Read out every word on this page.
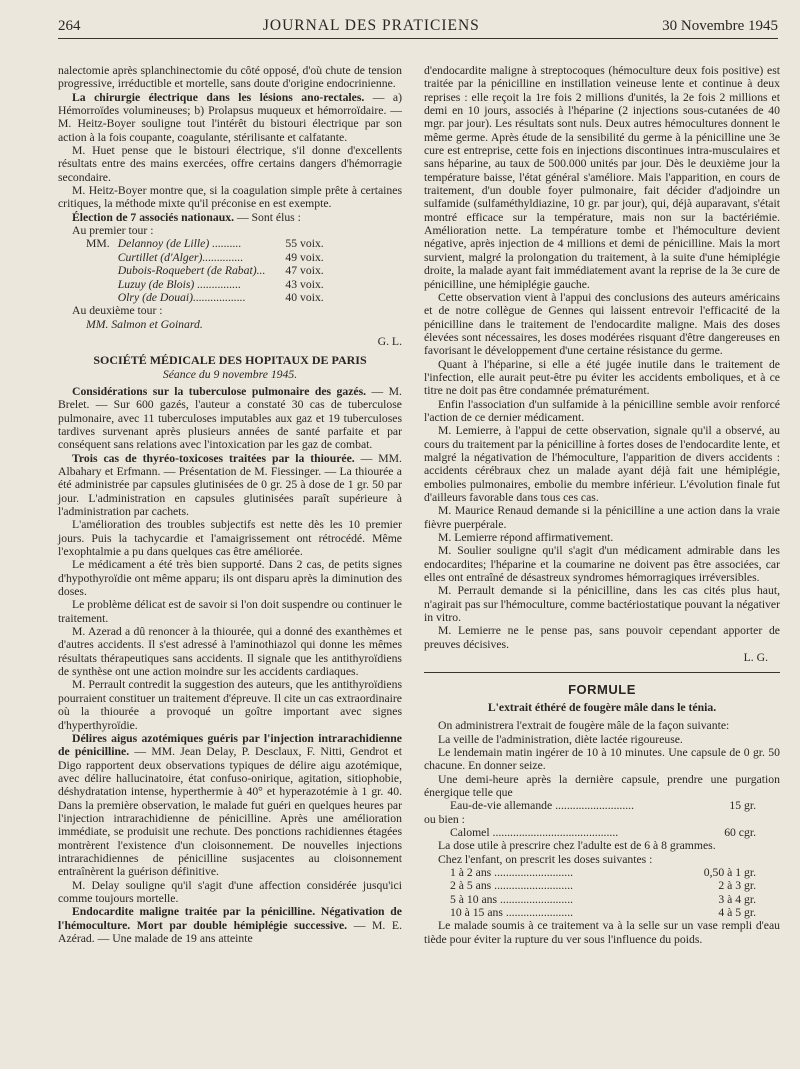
264	JOURNAL DES PRATICIENS	30 Novembre 1945

nalectomie après splanchinectomie du côté opposé, d'où chute de tension progressive, irréductible et mortelle, sans doute d'origine endocrinienne.

La chirurgie électrique dans les lésions ano-rectales. — a) Hémorroïdes volumineuses; b) Prolapsus muqueux et hémorroïdaire. — M. Heitz-Boyer souligne tout l'intérêt du bistouri électrique par son action à la fois coupante, coagulante, stérilisante et calfatante.

M. Huet pense que le bistouri électrique, s'il donne d'excellents résultats entre des mains exercées, offre certains dangers d'hémorragie secondaire.

M. Heitz-Boyer montre que, si la coagulation simple prête à certaines critiques, la méthode mixte qu'il préconise en est exempte.

Élection de 7 associés nationaux. — Sont élus :

Au premier tour :

MM.	Delannoy (de Lille) ..........	55 voix.
	Curtillet (d'Alger)..............	49 voix.
	Dubois-Roquebert (de Rabat)...	47 voix.
	Luzuy (de Blois) ...............	43 voix.
	Olry (de Douai)..................	40 voix.

Au deuxième tour :

MM. Salmon et Goinard.

G. L.

SOCIÉTÉ MÉDICALE DES HOPITAUX DE PARIS

Séance du 9 novembre 1945.

Considérations sur la tuberculose pulmonaire des gazés. — M. Brelet. — Sur 600 gazés, l'auteur a constaté 30 cas de tuberculose pulmonaire, avec 11 tuberculoses imputables aux gaz et 19 tuberculoses tardives survenant après plusieurs années de santé parfaite et par conséquent sans relations avec l'intoxication par les gaz de combat.

Trois cas de thyréo-toxicoses traitées par la thiourée. — MM. Albahary et Erfmann. — Présentation de M. Fiessinger. — La thiourée a été administrée par capsules glutinisées de 0 gr. 25 à dose de 1 gr. 50 par jour. L'administration en capsules glutinisées paraît supérieure à l'administration par cachets.

L'amélioration des troubles subjectifs est nette dès les 10 premier jours. Puis la tachycardie et l'amaigrissement ont rétrocédé. Même l'exophtalmie a pu dans quelques cas être améliorée.

Le médicament a été très bien supporté. Dans 2 cas, de petits signes d'hypothyroïdie ont même apparu; ils ont disparu après la diminution des doses.

Le problème délicat est de savoir si l'on doit suspendre ou continuer le traitement.

M. Azerad a dû renoncer à la thiourée, qui a donné des exanthèmes et d'autres accidents. Il s'est adressé à l'aminothiazol qui donne les mêmes résultats thérapeutiques sans accidents. Il signale que les antithyroïdiens de synthèse ont une action moindre sur les accidents cardiaques.

M. Perrault contredit la suggestion des auteurs, que les antithyroïdiens pourraient constituer un traitement d'épreuve. Il cite un cas extraordinaire où la thiourée a provoqué un goître important avec signes d'hyperthyroïdie.

Délires aigus azotémiques guéris par l'injection intrarachidienne de pénicilline. — MM. Jean Delay, P. Desclaux, F. Nitti, Gendrot et Digo rapportent deux observations typiques de délire aigu azotémique, avec délire hallucinatoire, état confuso-onirique, agitation, sitiophobie, déshydratation intense, hyperthermie à 40° et hyperazotémie à 1 gr. 40. Dans la première observation, le malade fut guéri en quelques heures par l'injection intrarachidienne de pénicilline. Après une amélioration immédiate, se produisit une rechute. Des ponctions rachidiennes étagées montrèrent l'existence d'un cloisonnement. De nouvelles injections intrarachidiennes de pénicilline susjacentes au cloisonnement entraînèrent la guérison définitive.

M. Delay souligne qu'il s'agit d'une affection considérée jusqu'ici comme toujours mortelle.

Endocardite maligne traitée par la pénicilline. Négativation de l'hémoculture. Mort par double hémiplégie successive. — M. E. Azérad. — Une malade de 19 ans atteinte

d'endocardite maligne à streptocoques (hémoculture deux fois positive) est traitée par la pénicilline en instillation veineuse lente et continue à deux reprises : elle reçoit la 1re fois 2 millions d'unités, la 2e fois 2 millions et demi en 10 jours, associés à l'héparine (2 injections sous-cutanées de 40 mgr. par jour). Les résultats sont nuls. Deux autres hémocultures donnent le même germe. Après étude de la sensibilité du germe à la pénicilline une 3e cure est entreprise, cette fois en injections discontinues intra-musculaires et sans héparine, au taux de 500.000 unités par jour. Dès le deuxième jour la température baisse, l'état général s'améliore. Mais l'apparition, en cours de traitement, d'un double foyer pulmonaire, fait décider d'adjoindre un sulfamide (sulfaméthyldiazine, 10 gr. par jour), qui, déjà auparavant, s'était montré efficace sur la température, mais non sur la bactériémie. Amélioration nette. La température tombe et l'hémoculture devient négative, après injection de 4 millions et demi de pénicilline. Mais la mort survient, malgré la prolongation du traitement, à la suite d'une hémiplégie droite, la malade ayant fait immédiatement avant la reprise de la 3e cure de pénicilline, une hémiplégie gauche.

Cette observation vient à l'appui des conclusions des auteurs américains et de notre collègue de Gennes qui laissent entrevoir l'efficacité de la pénicilline dans le traitement de l'endocardite maligne. Mais des doses élevées sont nécessaires, les doses modérées risquant d'être dangereuses en favorisant le développement d'une certaine résistance du germe.

Quant à l'héparine, si elle a été jugée inutile dans le traitement de l'infection, elle aurait peut-être pu éviter les accidents emboliques, et à ce titre ne doit pas être condamnée prématurément.

Enfin l'association d'un sulfamide à la pénicilline semble avoir renforcé l'action de ce dernier médicament.

M. Lemierre, à l'appui de cette observation, signale qu'il a observé, au cours du traitement par la pénicilline à fortes doses de l'endocardite lente, et malgré la négativation de l'hémoculture, l'apparition de divers accidents : accidents cérébraux chez un malade ayant déjà fait une hémiplégie, embolies pulmonaires, embolie du membre inférieur. L'évolution finale fut d'ailleurs favorable dans tous ces cas.

M. Maurice Renaud demande si la pénicilline a une action dans la vraie fièvre puerpérale.

M. Lemierre répond affirmativement.

M. Soulier souligne qu'il s'agit d'un médicament admirable dans les endocardites; l'héparine et la coumarine ne doivent pas être associées, car elles ont entraîné de désastreux syndromes hémorragiques irréversibles.

M. Perrault demande si la pénicilline, dans les cas cités plus haut, n'agirait pas sur l'hémoculture, comme bactériostatique pouvant la négativer in vitro.

M. Lemierre ne le pense pas, sans pouvoir cependant apporter de preuves décisives.

L. G.

FORMULE

L'extrait éthéré de fougère mâle dans le ténia.

On administrera l'extrait de fougère mâle de la façon suivante:

La veille de l'administration, diète lactée rigoureuse.

Le lendemain matin ingérer de 10 à 10 minutes. Une capsule de 0 gr. 50 chacune. En donner seize.

Une demi-heure après la dernière capsule, prendre une purgation énergique telle que

Eau-de-vie allemande ...........................	15 gr.

ou bien :

Calomel ...........................................	60 cgr.

La dose utile à prescrire chez l'adulte est de 6 à 8 grammes.

Chez l'enfant, on prescrit les doses suivantes :

1 à 2 ans ...........................	0,50 à 1 gr.
2 à 5 ans ...........................	2 à 3 gr.
5 à 10 ans .........................	3 à 4 gr.
10 à 15 ans .......................	4 à 5 gr.

Le malade soumis à ce traitement va à la selle sur un vase rempli d'eau tiède pour éviter la rupture du ver sous l'influence du poids.
